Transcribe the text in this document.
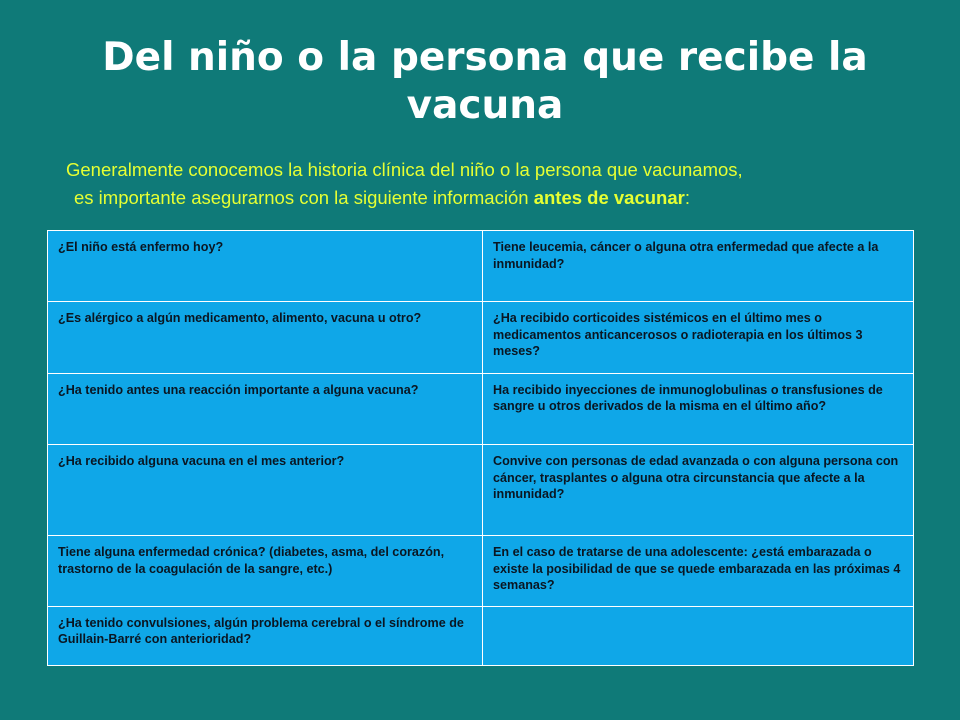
Del niño o la persona que recibe la vacuna
Generalmente conocemos la historia clínica del niño o la persona que vacunamos,
es importante asegurarnos con la siguiente información antes de vacunar:
¿El niño está enfermo hoy?	Tiene leucemia, cáncer o alguna otra enfermedad que afecte a la inmunidad?
¿Es alérgico a algún medicamento, alimento, vacuna u otro?	¿Ha recibido corticoides sistémicos en el último mes o medicamentos anticancerosos o radioterapia en los últimos 3 meses?
¿Ha tenido antes una reacción importante a alguna vacuna?	Ha recibido inyecciones de inmunoglobulinas o transfusiones de sangre u otros derivados de la misma en el último año?
¿Ha recibido alguna vacuna en el mes anterior?	Convive con personas de edad avanzada o con alguna persona con cáncer, trasplantes o alguna otra circunstancia que afecte a la inmunidad?
Tiene alguna enfermedad crónica? (diabetes, asma, del corazón, trastorno de la coagulación de la sangre, etc.)	En el caso de tratarse de una adolescente: ¿está embarazada o existe la posibilidad de que se quede embarazada en las próximas 4 semanas?
¿Ha tenido convulsiones, algún problema cerebral o el síndrome de Guillain-Barré con anterioridad?	
